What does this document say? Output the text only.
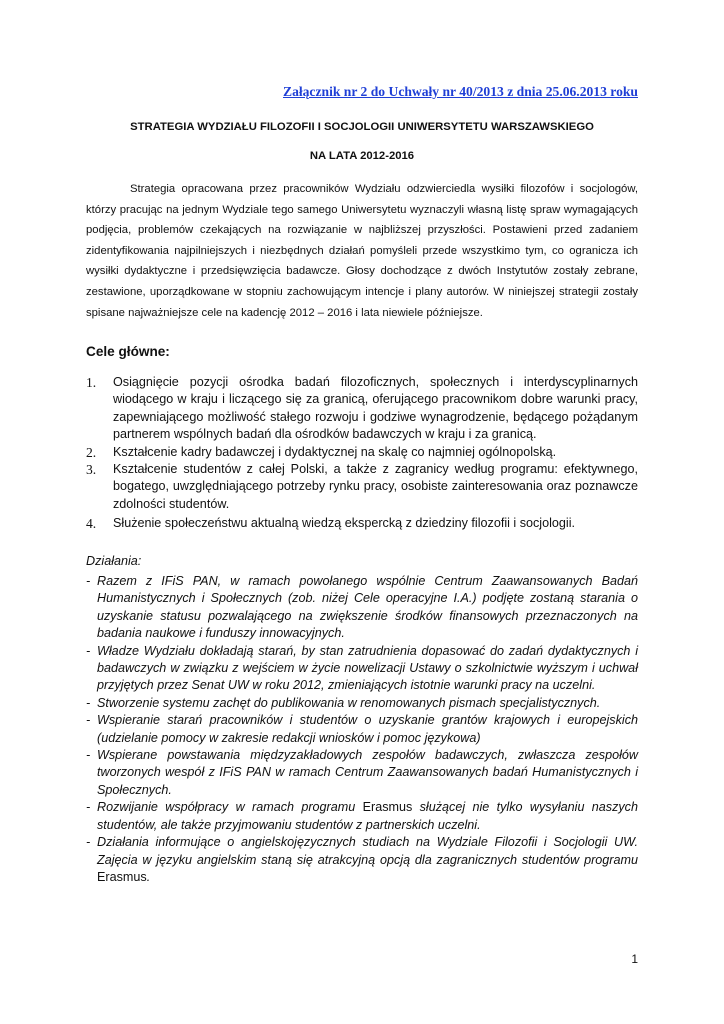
Załącznik nr 2 do Uchwały nr 40/2013 z dnia 25.06.2013 roku
STRATEGIA WYDZIAŁU FILOZOFII I SOCJOLOGII UNIWERSYTETU WARSZAWSKIEGO
NA LATA 2012-2016
Strategia opracowana przez pracowników Wydziału odzwierciedla wysiłki filozofów i socjologów, którzy pracując na jednym Wydziale tego samego Uniwersytetu wyznaczyli własną listę spraw wymagających podjęcia, problemów czekających na rozwiązanie w najbliższej przyszłości. Postawieni przed zadaniem zidentyfikowania najpilniejszych i niezbędnych działań pomyśleli przede wszystkimo tym, co ogranicza ich wysiłki dydaktyczne i przedsięwzięcia badawcze. Głosy dochodzące z dwóch Instytutów zostały zebrane, zestawione, uporządkowane w stopniu zachowującym intencje i plany autorów. W niniejszej strategii zostały spisane najważniejsze cele na kadencję 2012 – 2016 i lata niewiele późniejsze.
Cele główne:
1. Osiągnięcie pozycji ośrodka badań filozoficznych, społecznych i interdyscyplinarnych wiodącego w kraju i liczącego się za granicą, oferującego pracownikom dobre warunki pracy, zapewniającego możliwość stałego rozwoju i godziwe wynagrodzenie, będącego pożądanym partnerem wspólnych badań dla ośrodków badawczych w kraju i za granicą.
2. Kształcenie kadry badawczej i dydaktycznej na skalę co najmniej ogólnopolską.
3. Kształcenie studentów z całej Polski, a także z zagranicy według programu: efektywnego, bogatego, uwzględniającego potrzeby rynku pracy, osobiste zainteresowania oraz poznawcze zdolności studentów.
4. Służenie społeczeństwu aktualną wiedzą ekspercką z dziedziny filozofii i socjologii.
Działania:
- Razem z IFiS PAN, w ramach powołanego wspólnie Centrum Zaawansowanych Badań Humanistycznych i Społecznych (zob. niżej Cele operacyjne I.A.) podjęte zostaną starania o uzyskanie statusu pozwalającego na zwiększenie środków finansowych przeznaczonych na badania naukowe i funduszy innowacyjnych.
- Władze Wydziału dokładają starań, by stan zatrudnienia dopasować do zadań dydaktycznych i badawczych w związku z wejściem w życie nowelizacji Ustawy o szkolnictwie wyższym i uchwał przyjętych przez Senat UW w roku 2012, zmieniających istotnie warunki pracy na uczelni.
- Stworzenie systemu zachęt do publikowania w renomowanych pismach specjalistycznych.
- Wspieranie starań pracowników i studentów o uzyskanie grantów krajowych i europejskich (udzielanie pomocy w zakresie redakcji wniosków i pomoc językowa)
- Wspierane powstawania międzyzakładowych zespołów badawczych, zwłaszcza zespołów tworzonych wespół z IFiS PAN w ramach Centrum Zaawansowanych badań Humanistycznych i Społecznych.
- Rozwijanie współpracy w ramach programu Erasmus służącej nie tylko wysyłaniu naszych studentów, ale także przyjmowaniu studentów z partnerskich uczelni.
- Działania informujące o angielskojęzycznych studiach na Wydziale Filozofii i Socjologii UW. Zajęcia w języku angielskim staną się atrakcyjną opcją dla zagranicznych studentów programu Erasmus.
1
